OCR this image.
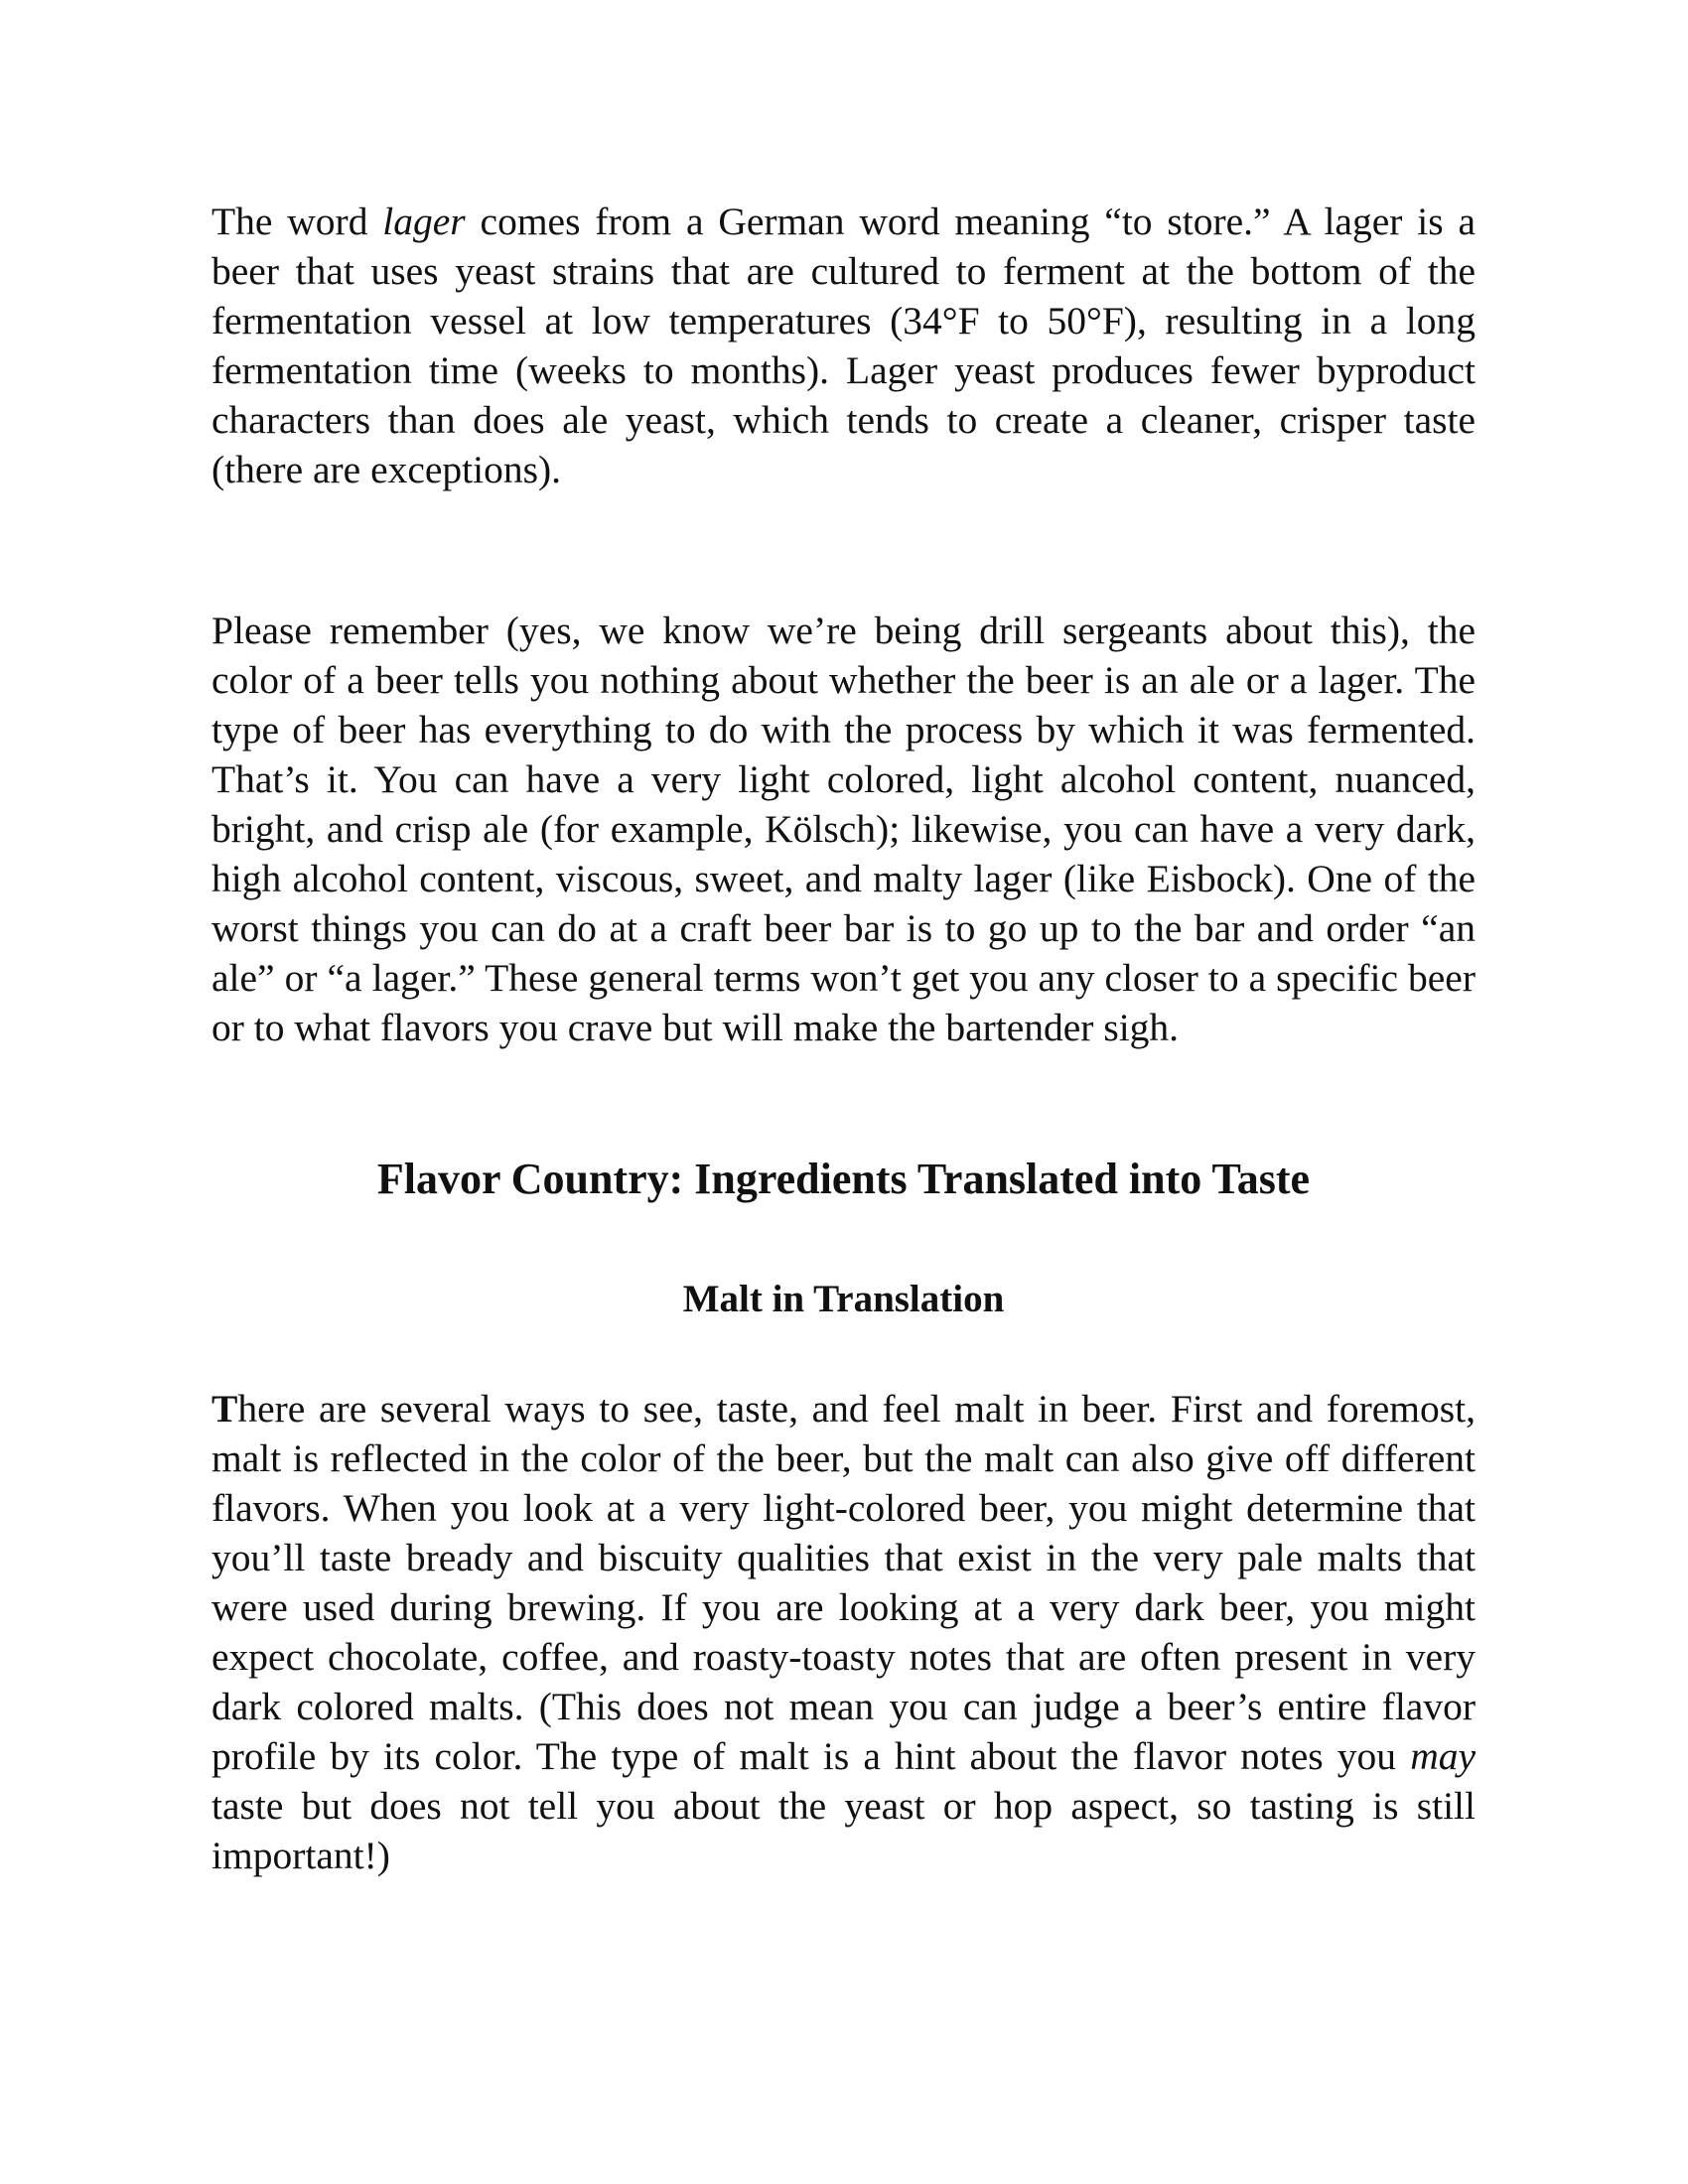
The word lager comes from a German word meaning “to store.” A lager is a beer that uses yeast strains that are cultured to ferment at the bottom of the fermentation vessel at low temperatures (34°F to 50°F), resulting in a long fermentation time (weeks to months). Lager yeast produces fewer byproduct characters than does ale yeast, which tends to create a cleaner, crisper taste (there are exceptions).

Please remember (yes, we know we’re being drill sergeants about this), the color of a beer tells you nothing about whether the beer is an ale or a lager. The type of beer has everything to do with the process by which it was fermented. That’s it. You can have a very light colored, light alcohol content, nuanced, bright, and crisp ale (for example, Kölsch); likewise, you can have a very dark, high alcohol content, viscous, sweet, and malty lager (like Eisbock). One of the worst things you can do at a craft beer bar is to go up to the bar and order “an ale” or “a lager.” These general terms won’t get you any closer to a specific beer or to what flavors you crave but will make the bartender sigh.

Flavor Country: Ingredients Translated into Taste
Malt in Translation

There are several ways to see, taste, and feel malt in beer. First and foremost, malt is reflected in the color of the beer, but the malt can also give off different flavors. When you look at a very light-colored beer, you might determine that you’ll taste bready and biscuity qualities that exist in the very pale malts that were used during brewing. If you are looking at a very dark beer, you might expect chocolate, coffee, and roasty-toasty notes that are often present in very dark colored malts. (This does not mean you can judge a beer’s entire flavor profile by its color. The type of malt is a hint about the flavor notes you may taste but does not tell you about the yeast or hop aspect, so tasting is still important!)
